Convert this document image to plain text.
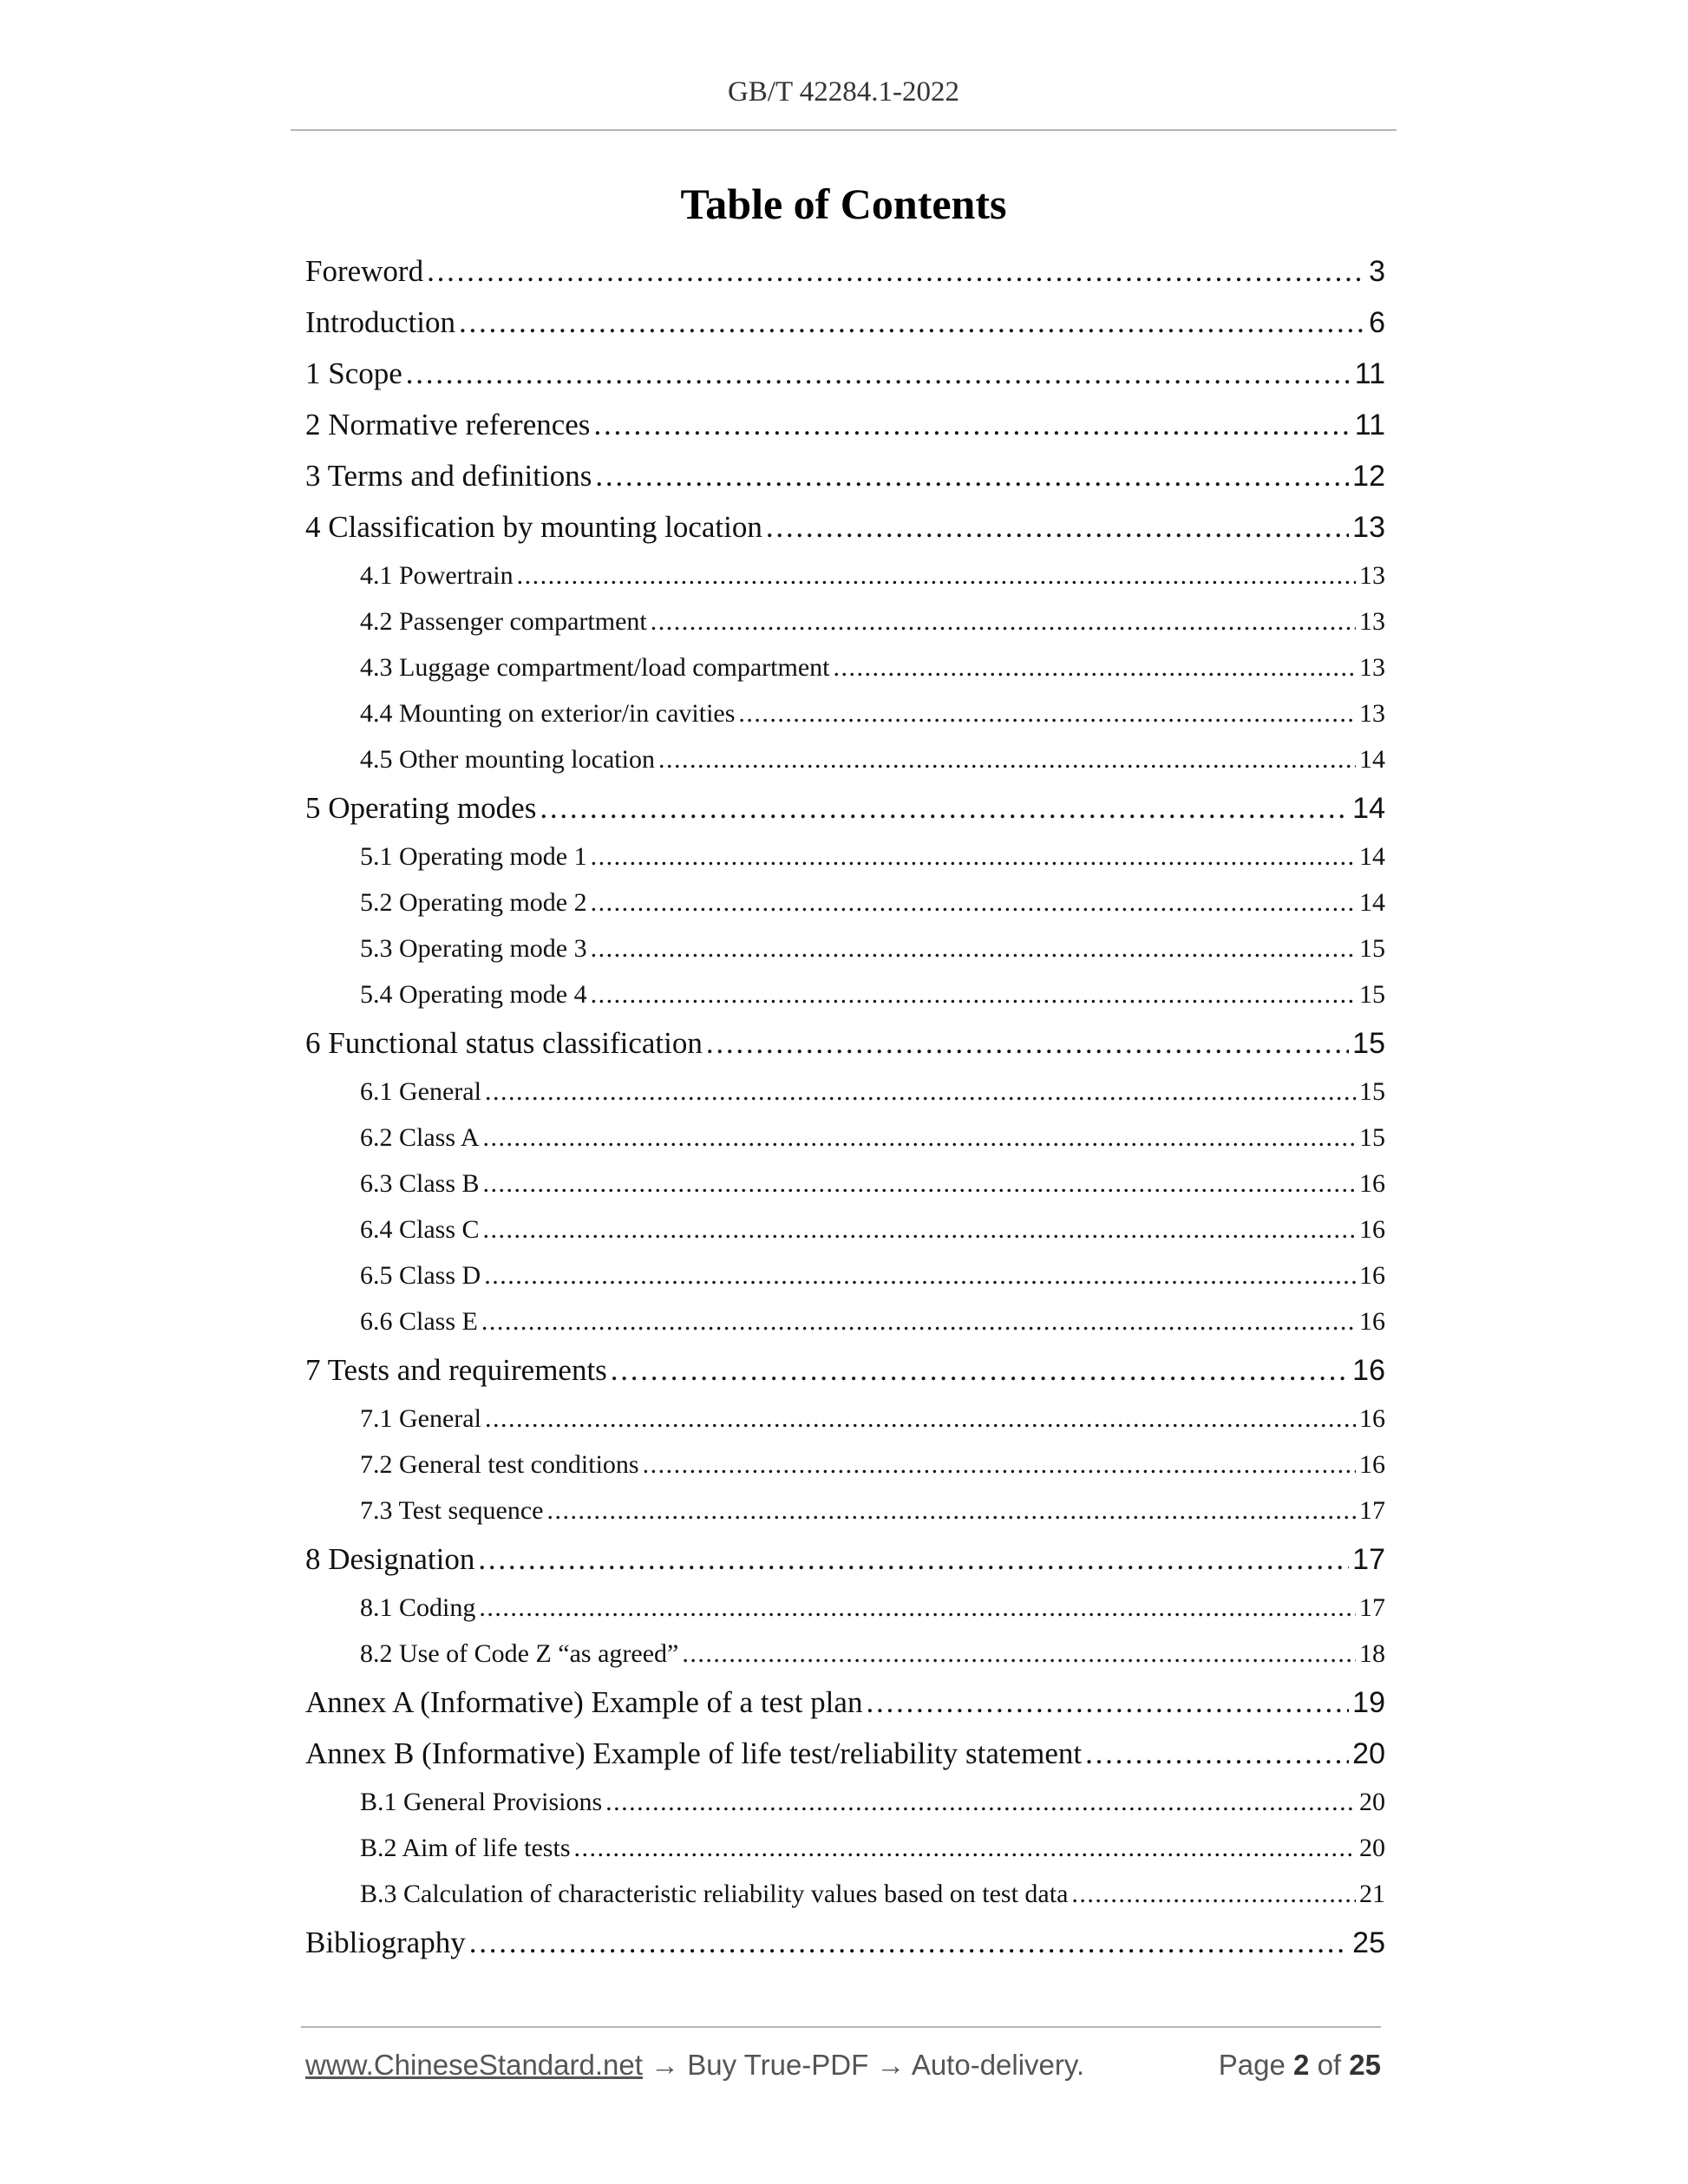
GB/T 42284.1-2022
Table of Contents
Foreword . . .	3
Introduction . . .	6
1 Scope . . .	11
2 Normative references . . .	11
3 Terms and definitions . . .	12
4 Classification by mounting location . . .	13
4.1 Powertrain . . .	13
4.2 Passenger compartment . . .	13
4.3 Luggage compartment/load compartment . . .	13
4.4 Mounting on exterior/in cavities . . .	13
4.5 Other mounting location . . .	14
5 Operating modes . . .	14
5.1 Operating mode 1 . . .	14
5.2 Operating mode 2 . . .	14
5.3 Operating mode 3 . . .	15
5.4 Operating mode 4 . . .	15
6 Functional status classification . . .	15
6.1 General . . .	15
6.2 Class A . . .	15
6.3 Class B . . .	16
6.4 Class C . . .	16
6.5 Class D . . .	16
6.6 Class E . . .	16
7 Tests and requirements . . .	16
7.1 General . . .	16
7.2 General test conditions . . .	16
7.3 Test sequence . . .	17
8 Designation . . .	17
8.1 Coding . . .	17
8.2 Use of Code Z “as agreed” . . .	18
Annex A (Informative) Example of a test plan . . .	19
Annex B (Informative) Example of life test/reliability statement . . .	20
B.1 General Provisions . . .	20
B.2 Aim of life tests . . .	20
B.3 Calculation of characteristic reliability values based on test data . . .	21
Bibliography . . .	25
www.ChineseStandard.net → Buy True-PDF → Auto-delivery.	Page 2 of 25
